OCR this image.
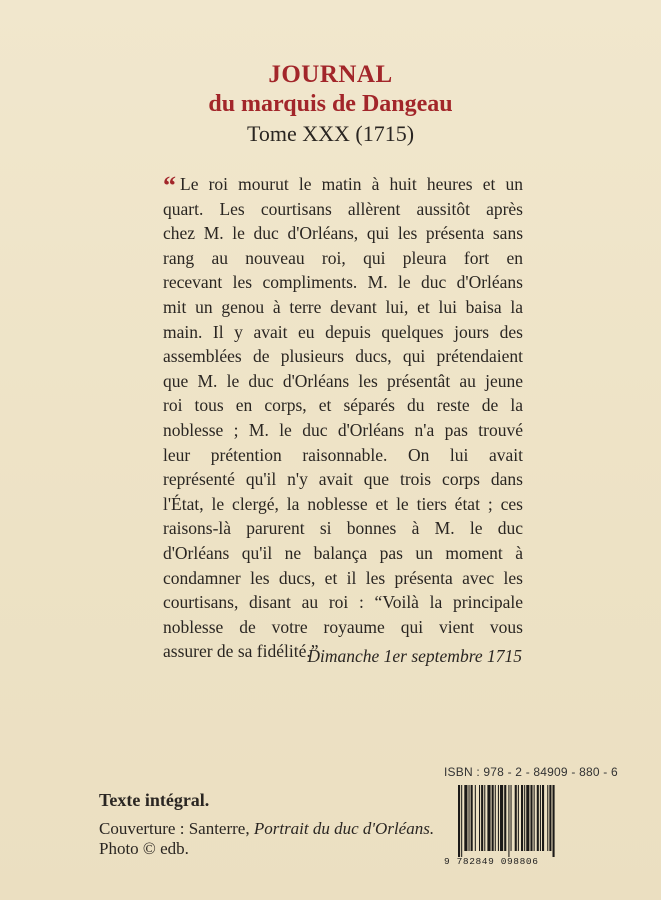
JOURNAL
du marquis de Dangeau
Tome XXX (1715)
“ Le roi mourut le matin à huit heures et un
quart. Les courtisans allèrent aussitôt après
chez M. le duc d'Orléans, qui les présenta sans
rang au nouveau roi, qui pleura fort en
recevant les compliments. M. le duc d'Orléans
mit un genou à terre devant lui, et lui baisa la
main. Il y avait eu depuis quelques jours des
assemblées de plusieurs ducs, qui prétendaient
que M. le duc d'Orléans les présentât au jeune
roi tous en corps, et séparés du reste de la
noblesse ; M. le duc d'Orléans n'a pas trouvé
leur prétention raisonnable. On lui avait
représenté qu'il n'y avait que trois corps dans
l'État, le clergé, la noblesse et le tiers état ; ces
raisons-là parurent si bonnes à M. le duc
d'Orléans qu'il ne balança pas un moment à
condamner les ducs, et il les présenta avec les
courtisans, disant au roi : “Voilà la principale
noblesse de votre royaume qui vient vous
assurer de sa fidélité.”
Dimanche 1er septembre 1715
Texte intégral.
Couverture : Santerre, Portrait du duc d'Orléans.
Photo © edb.
ISBN : 978 - 2 - 84909 - 880 - 6
9 782849 098806
